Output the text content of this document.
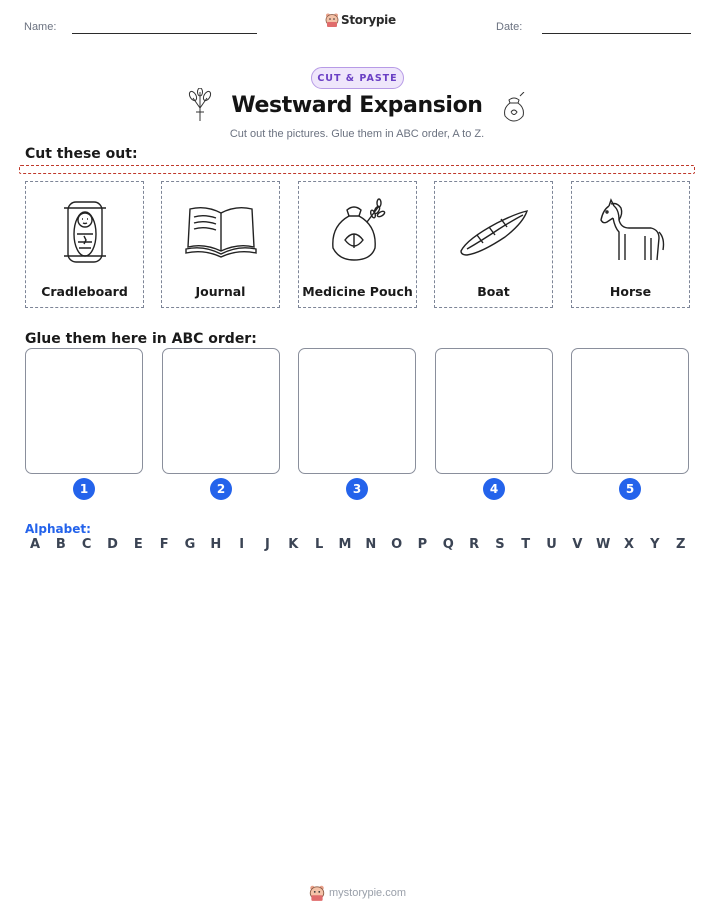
Name:	Storypie	Date:
CUT & PASTE
Westward Expansion
Cut out the pictures. Glue them in ABC order, A to Z.
Cut these out:
Cradleboard	Journal	Medicine Pouch	Boat	Horse
Glue them here in ABC order:
1	2	3	4	5
Alphabet:
A	B	C	D	E	F	G	H	I	J	K	L	M	N	O	P	Q	R	S	T	U	V	W	X	Y	Z
mystorypie.com
